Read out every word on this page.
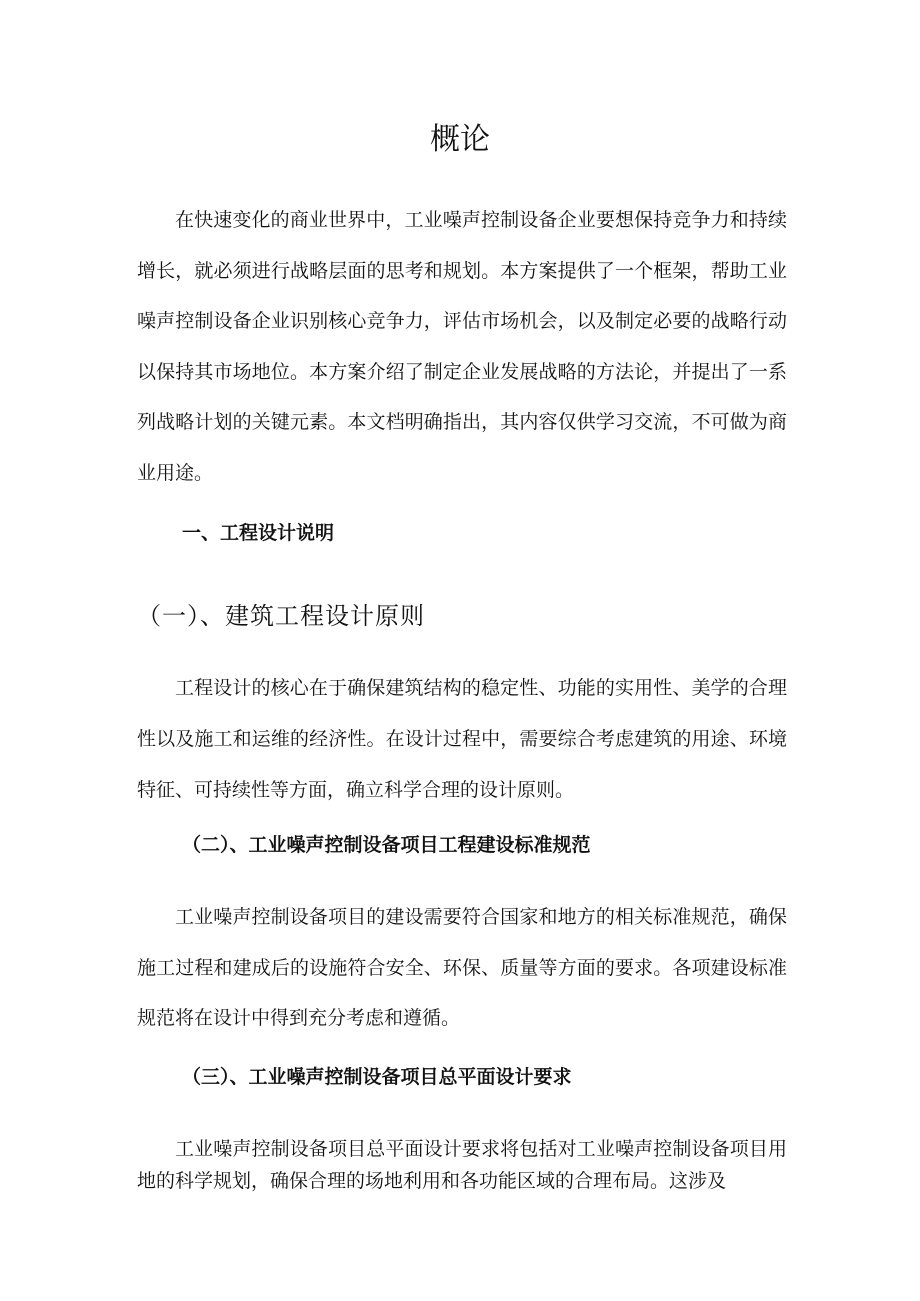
概论

在快速变化的商业世界中，工业噪声控制设备企业要想保持竞争力和持续增长，就必须进行战略层面的思考和规划。本方案提供了一个框架，帮助工业噪声控制设备企业识别核心竞争力，评估市场机会，以及制定必要的战略行动以保持其市场地位。本方案介绍了制定企业发展战略的方法论，并提出了一系列战略计划的关键元素。本文档明确指出，其内容仅供学习交流，不可做为商业用途。

一、工程设计说明
（一）、建筑工程设计原则

工程设计的核心在于确保建筑结构的稳定性、功能的实用性、美学的合理性以及施工和运维的经济性。在设计过程中，需要综合考虑建筑的用途、环境特征、可持续性等方面，确立科学合理的设计原则。

（二）、工业噪声控制设备项目工程建设标准规范

工业噪声控制设备项目的建设需要符合国家和地方的相关标准规范，确保施工过程和建成后的设施符合安全、环保、质量等方面的要求。各项建设标准规范将在设计中得到充分考虑和遵循。

（三）、工业噪声控制设备项目总平面设计要求

工业噪声控制设备项目总平面设计要求将包括对工业噪声控制设备项目用地的科学规划，确保合理的场地利用和各功能区域的合理布局。这涉及
